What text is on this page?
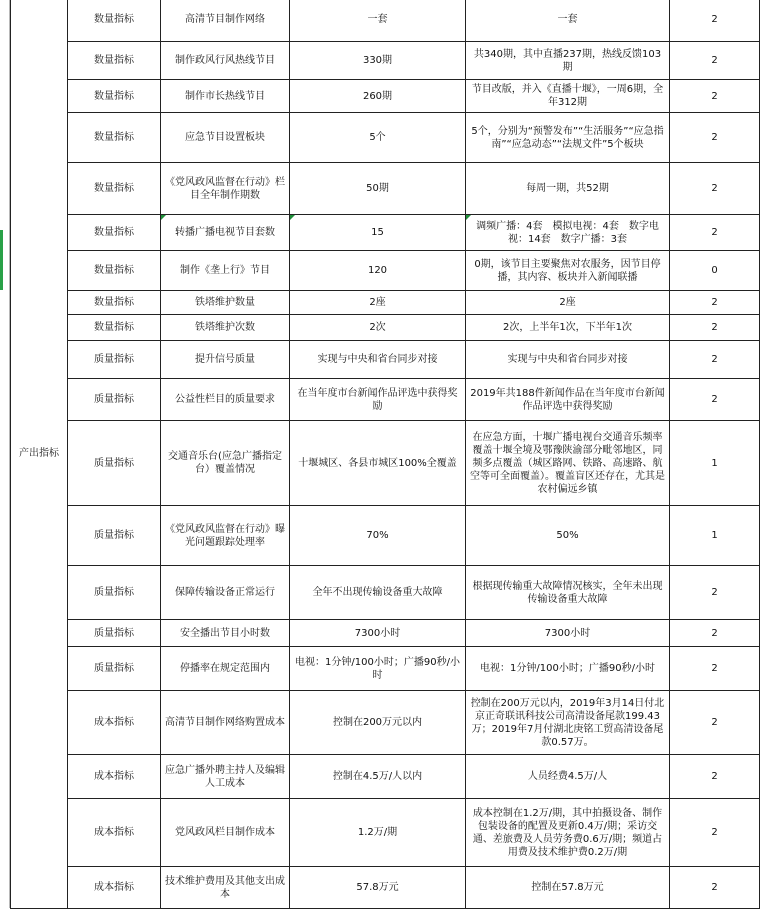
产出指标	数量指标	高清节目制作网络	一套	一套	2
	数量指标	制作政风行风热线节目	330期	共340期，其中直播237期，热线反馈103期	2
	数量指标	制作市长热线节目	260期	节目改版，并入《直播十堰》，一周6期，全年312期	2
	数量指标	应急节目设置板块	5个	5个，分别为“预警发布”“生活服务”“应急指南”“应急动态”“法规文件”5个板块	2
	数量指标	《党风政风监督在行动》栏目全年制作期数	50期	每周一期，共52期	2
	数量指标	转播广播电视节目套数	15	调频广播：4套　模拟电视：4套　数字电视：14套　数字广播：3套	2
	数量指标	制作《垄上行》节目	120	0期，该节目主要聚焦对农服务，因节目停播，其内容、板块并入新闻联播	0
	数量指标	铁塔维护数量	2座	2座	2
	数量指标	铁塔维护次数	2次	2次，上半年1次，下半年1次	2
	质量指标	提升信号质量	实现与中央和省台同步对接	实现与中央和省台同步对接	2
	质量指标	公益性栏目的质量要求	在当年度市台新闻作品评选中获得奖励	2019年共188件新闻作品在当年度市台新闻作品评选中获得奖励	2
	质量指标	交通音乐台(应急广播指定台）覆盖情况	十堰城区、各县市城区100%全覆盖	在应急方面，十堰广播电视台交通音乐频率覆盖十堰全境及鄂豫陕渝部分毗邻地区，同频多点覆盖（城区路网、铁路、高速路、航空等可全面覆盖）。覆盖盲区还存在，尤其是农村偏远乡镇	1
	质量指标	《党风政风监督在行动》曝光问题跟踪处理率	70%	50%	1
	质量指标	保障传输设备正常运行	全年不出现传输设备重大故障	根据现传输重大故障情况核实，全年未出现传输设备重大故障	2
	质量指标	安全播出节目小时数	7300小时	7300小时	2
	质量指标	停播率在规定范围内	电视：1分钟/100小时；广播90秒/小时	电视：1分钟/100小时；广播90秒/小时	2
	成本指标	高清节目制作网络购置成本	控制在200万元以内	控制在200万元以内，2019年3月14日付北京正奇联讯科技公司高清设备尾款199.43万；2019年7月付湖北庚铭工贸高清设备尾款0.57万。	2
	成本指标	应急广播外聘主持人及编辑人工成本	控制在4.5万/人以内	人员经费4.5万/人	2
	成本指标	党风政风栏目制作成本	1.2万/期	成本控制在1.2万/期，其中拍摄设备、制作包装设备的配置及更新0.4万/期；采访交通、差旅费及人员劳务费0.6万/期；频道占用费及技术维护费0.2万/期	2
	成本指标	技术维护费用及其他支出成本	57.8万元	控制在57.8万元	2
